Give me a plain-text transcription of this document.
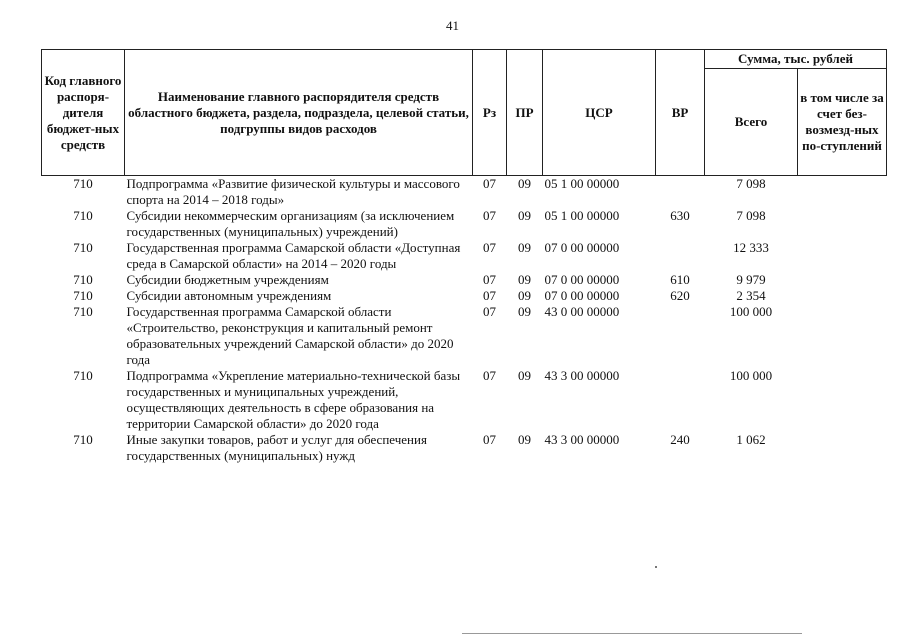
41
Код главного распоря-дителя бюджет-ных средств	Наименование главного распорядителя средств областного бюджета, раздела, подраздела, целевой статьи, подгруппы видов расходов	Рз	ПР	ЦСР	ВР	Сумма, тыс. рублей	
						Всего	в том числе за счет без-возмезд-ных по-ступлений
710	Подпрограмма «Развитие физической культуры и массового спорта на 2014 – 2018 годы»	07	09	05 1 00 00000		7 098	
710	Субсидии некоммерческим организациям (за исключением государственных (муниципальных) учреждений)	07	09	05 1 00 00000	630	7 098	
710	Государственная программа Самарской области «Доступная среда в Самарской области» на 2014 – 2020 годы	07	09	07 0 00 00000		12 333	
710	Субсидии бюджетным учреждениям	07	09	07 0 00 00000	610	9 979	
710	Субсидии автономным учреждениям	07	09	07 0 00 00000	620	2 354	
710	Государственная программа Самарской области «Строительство, реконструкция и капитальный ремонт образовательных учреждений Самарской области» до 2020 года	07	09	43 0 00 00000		100 000	
710	Подпрограмма «Укрепление материально-технической базы государственных и муниципальных учреждений, осуществляющих деятельность в сфере образования на территории Самарской области» до 2020 года	07	09	43 3 00 00000		100 000	
710	Иные закупки товаров, работ и услуг для обеспечения государственных (муниципальных) нужд	07	09	43 3 00 00000	240	1 062	
